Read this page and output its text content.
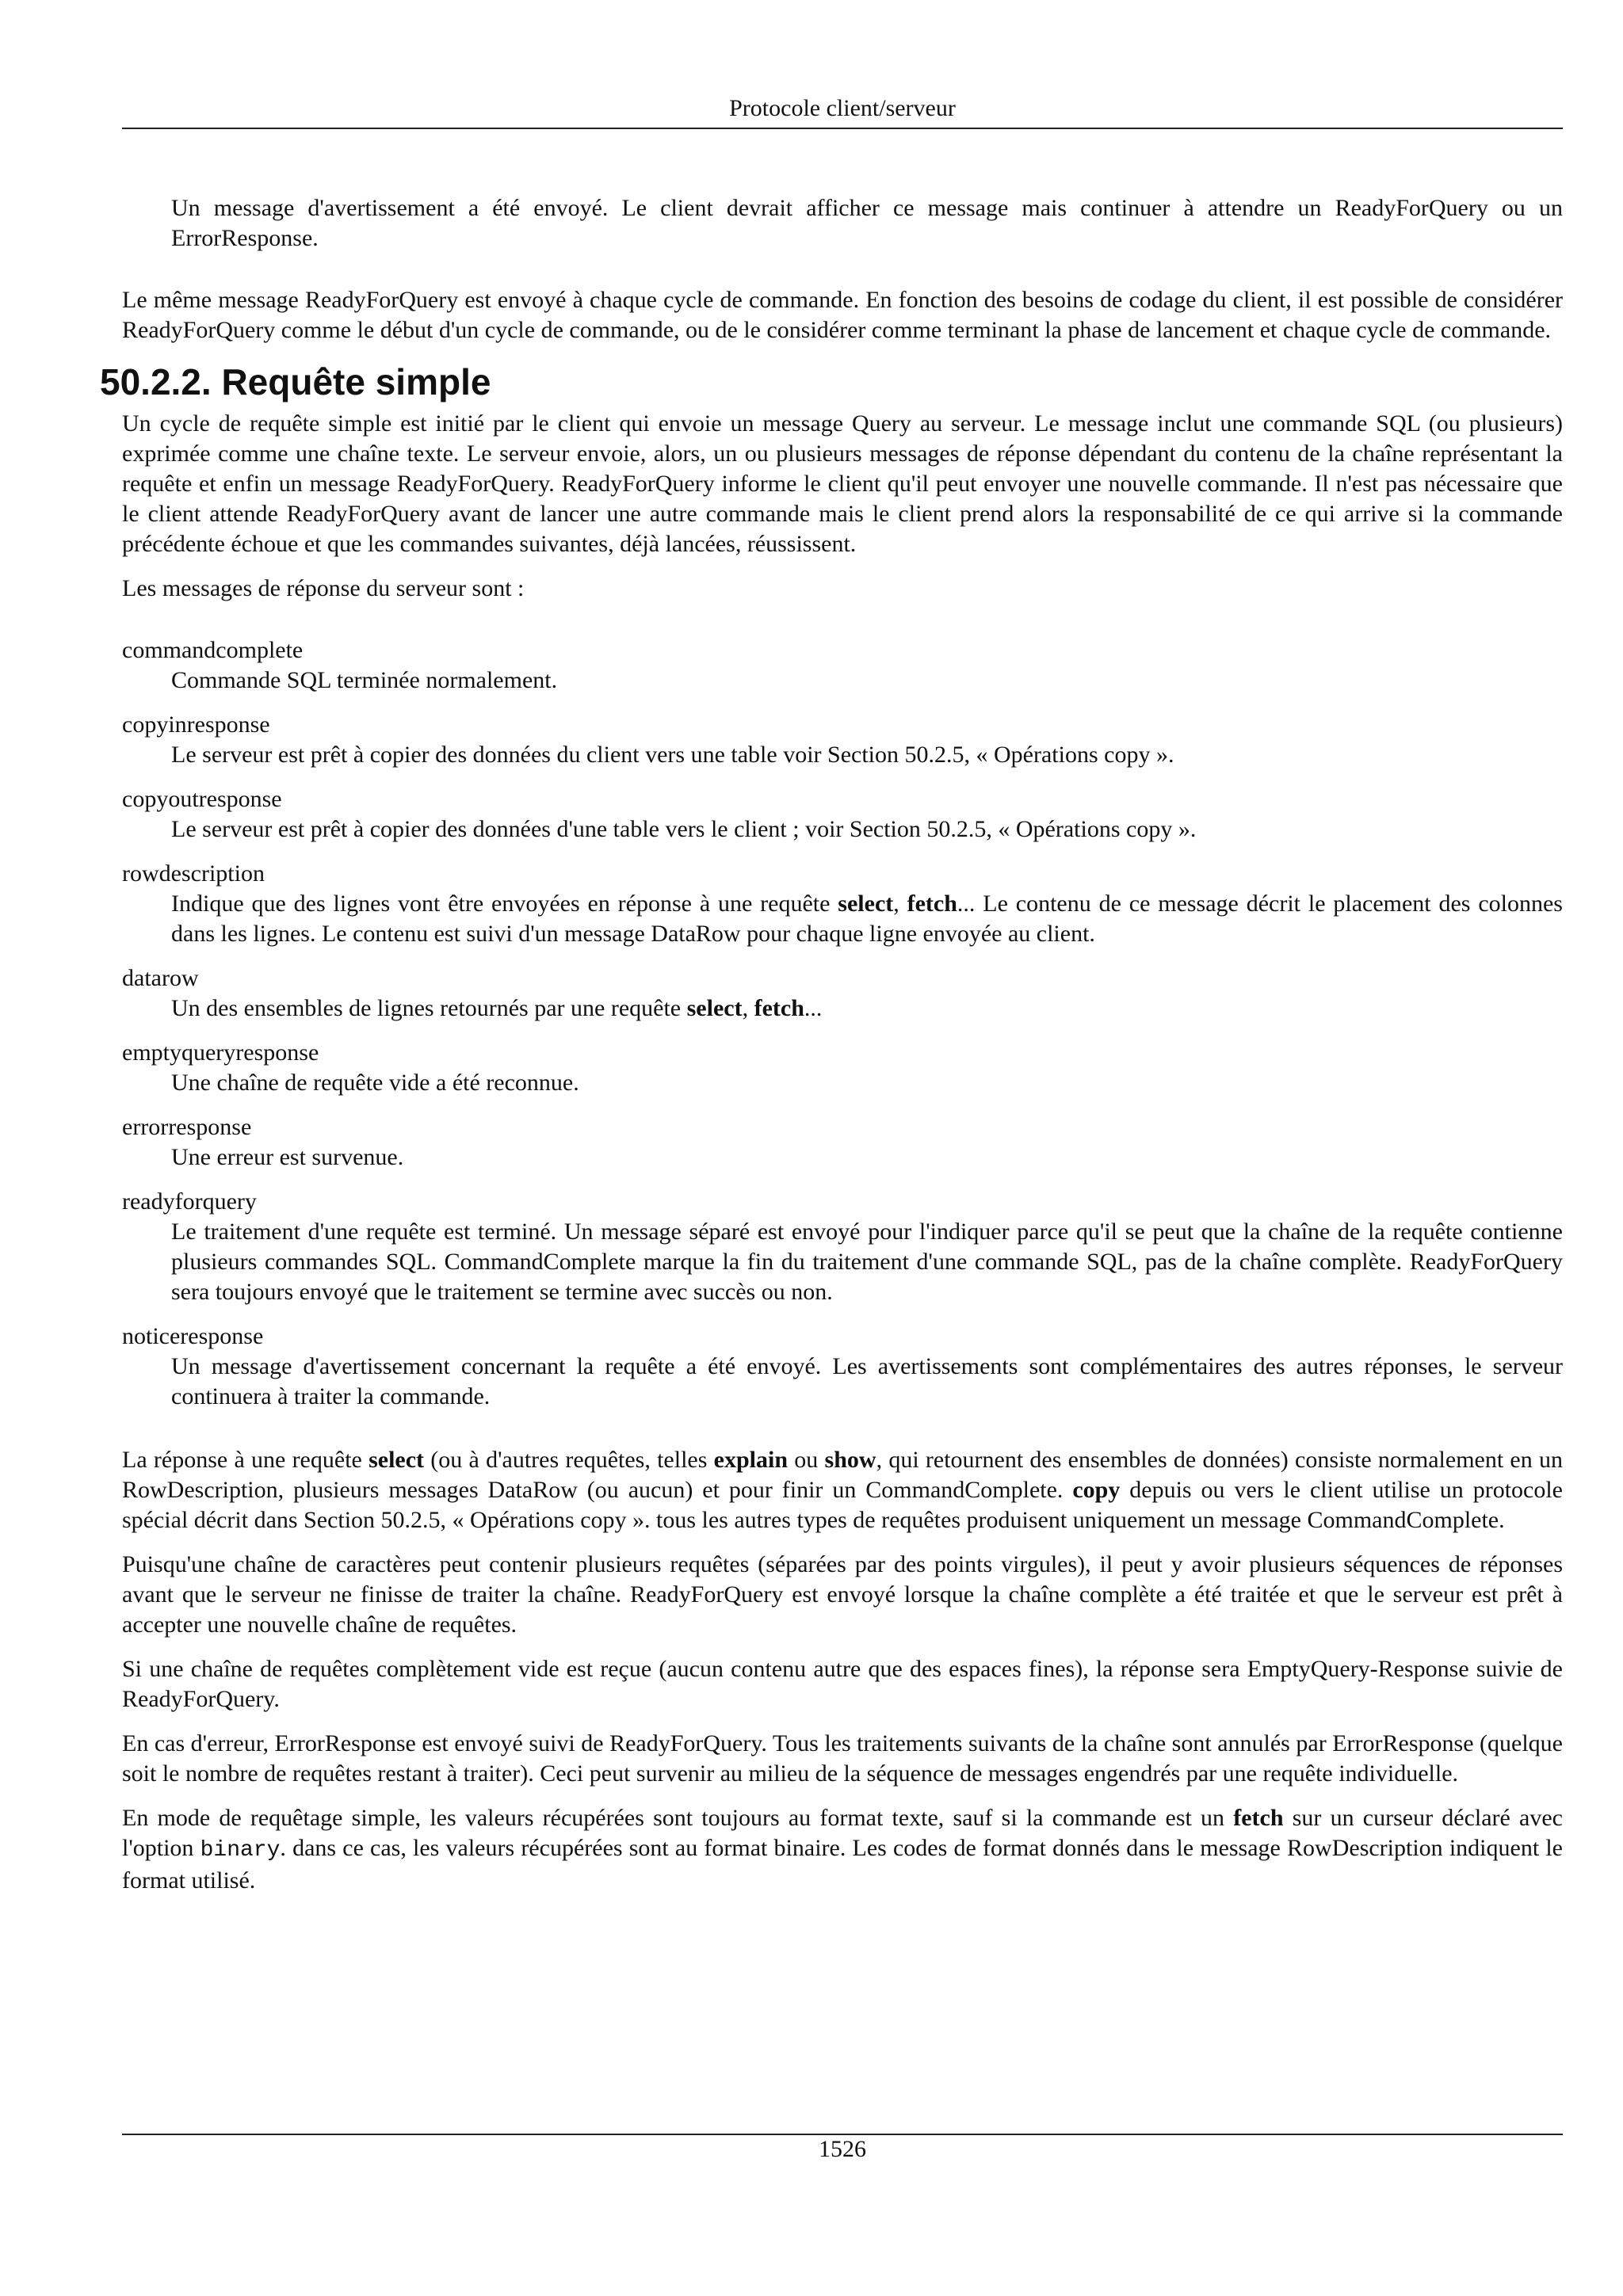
Protocole client/serveur

Un message d'avertissement a été envoyé. Le client devrait afficher ce message mais continuer à attendre un ReadyForQuery ou un ErrorResponse.

Le même message ReadyForQuery est envoyé à chaque cycle de commande. En fonction des besoins de codage du client, il est possible de considérer ReadyForQuery comme le début d'un cycle de commande, ou de le considérer comme terminant la phase de lancement et chaque cycle de commande.

50.2.2. Requête simple

Un cycle de requête simple est initié par le client qui envoie un message Query au serveur. Le message inclut une commande SQL (ou plusieurs) exprimée comme une chaîne texte. Le serveur envoie, alors, un ou plusieurs messages de réponse dépendant du contenu de la chaîne représentant la requête et enfin un message ReadyForQuery. ReadyForQuery informe le client qu'il peut envoyer une nouvelle commande. Il n'est pas nécessaire que le client attende ReadyForQuery avant de lancer une autre commande mais le client prend alors la responsabilité de ce qui arrive si la commande précédente échoue et que les commandes suivantes, déjà lancées, réussissent.

Les messages de réponse du serveur sont :

commandcomplete
Commande SQL terminée normalement.
copyinresponse
Le serveur est prêt à copier des données du client vers une table voir Section 50.2.5, « Opérations copy ».
copyoutresponse
Le serveur est prêt à copier des données d'une table vers le client ; voir Section 50.2.5, « Opérations copy ».
rowdescription
Indique que des lignes vont être envoyées en réponse à une requête select, fetch... Le contenu de ce message décrit le placement des colonnes dans les lignes. Le contenu est suivi d'un message DataRow pour chaque ligne envoyée au client.
datarow
Un des ensembles de lignes retournés par une requête select, fetch...
emptyqueryresponse
Une chaîne de requête vide a été reconnue.
errorresponse
Une erreur est survenue.
readyforquery
Le traitement d'une requête est terminé. Un message séparé est envoyé pour l'indiquer parce qu'il se peut que la chaîne de la requête contienne plusieurs commandes SQL. CommandComplete marque la fin du traitement d'une commande SQL, pas de la chaîne complète. ReadyForQuery sera toujours envoyé que le traitement se termine avec succès ou non.
noticeresponse
Un message d'avertissement concernant la requête a été envoyé. Les avertissements sont complémentaires des autres réponses, le serveur continuera à traiter la commande.

La réponse à une requête select (ou à d'autres requêtes, telles explain ou show, qui retournent des ensembles de données) consiste normalement en un RowDescription, plusieurs messages DataRow (ou aucun) et pour finir un CommandComplete. copy depuis ou vers le client utilise un protocole spécial décrit dans Section 50.2.5, « Opérations copy ». tous les autres types de requêtes produisent uniquement un message CommandComplete.

Puisqu'une chaîne de caractères peut contenir plusieurs requêtes (séparées par des points virgules), il peut y avoir plusieurs séquences de réponses avant que le serveur ne finisse de traiter la chaîne. ReadyForQuery est envoyé lorsque la chaîne complète a été traitée et que le serveur est prêt à accepter une nouvelle chaîne de requêtes.

Si une chaîne de requêtes complètement vide est reçue (aucun contenu autre que des espaces fines), la réponse sera EmptyQuery-Response suivie de ReadyForQuery.

En cas d'erreur, ErrorResponse est envoyé suivi de ReadyForQuery. Tous les traitements suivants de la chaîne sont annulés par ErrorResponse (quelque soit le nombre de requêtes restant à traiter). Ceci peut survenir au milieu de la séquence de messages engendrés par une requête individuelle.

En mode de requêtage simple, les valeurs récupérées sont toujours au format texte, sauf si la commande est un fetch sur un curseur déclaré avec l'option binary. dans ce cas, les valeurs récupérées sont au format binaire. Les codes de format donnés dans le message RowDescription indiquent le format utilisé.

1526
